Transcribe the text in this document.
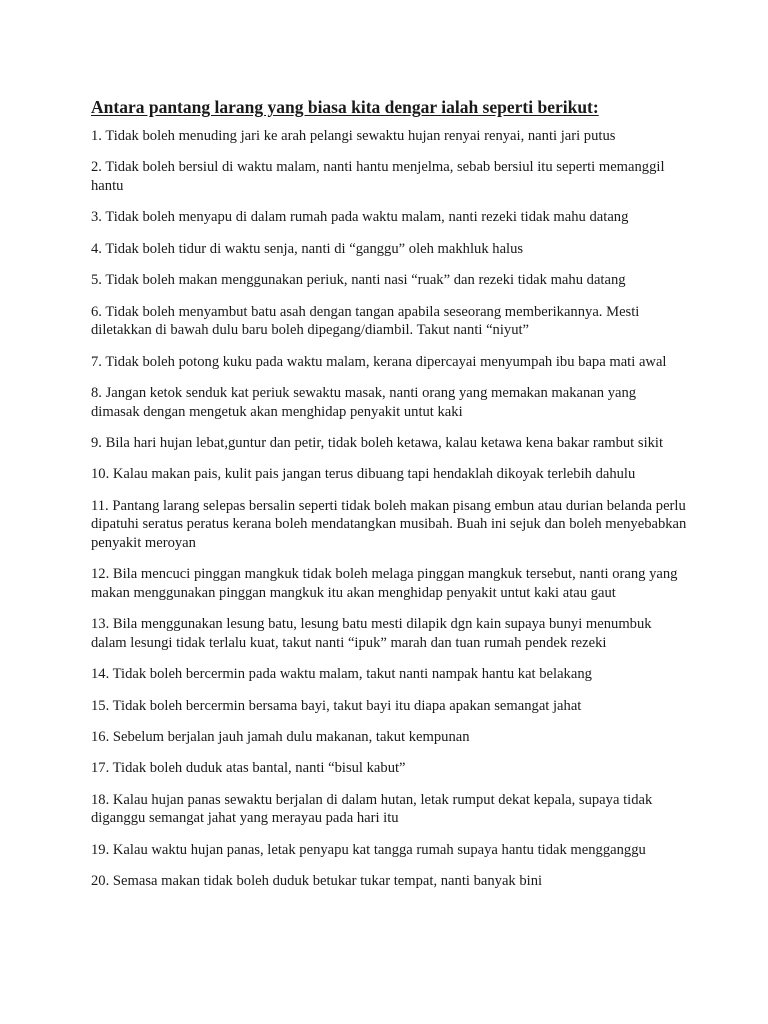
Antara pantang larang yang biasa kita dengar ialah seperti berikut:
1. Tidak boleh menuding jari ke arah pelangi sewaktu hujan renyai renyai, nanti jari putus
2. Tidak boleh bersiul di waktu malam, nanti hantu menjelma, sebab bersiul itu seperti memanggil hantu
3. Tidak boleh menyapu di dalam rumah pada waktu malam, nanti rezeki tidak mahu datang
4. Tidak boleh tidur di waktu senja, nanti di “ganggu” oleh makhluk halus
5. Tidak boleh makan menggunakan periuk, nanti nasi “ruak” dan rezeki tidak mahu datang
6. Tidak boleh menyambut batu asah dengan tangan apabila seseorang memberikannya. Mesti diletakkan di bawah dulu baru boleh dipegang/diambil. Takut nanti “niyut”
7. Tidak boleh potong kuku pada waktu malam, kerana dipercayai menyumpah ibu bapa mati awal
8. Jangan ketok senduk kat periuk sewaktu masak, nanti orang yang memakan makanan yang dimasak dengan mengetuk akan menghidap penyakit untut kaki
9. Bila hari hujan lebat,guntur dan petir, tidak boleh ketawa, kalau ketawa kena bakar rambut sikit
10. Kalau makan pais, kulit pais jangan terus dibuang tapi hendaklah dikoyak terlebih dahulu
11. Pantang larang selepas bersalin seperti tidak boleh makan pisang embun atau durian belanda perlu dipatuhi seratus peratus kerana boleh mendatangkan musibah. Buah ini sejuk dan boleh menyebabkan penyakit meroyan
12. Bila mencuci pinggan mangkuk tidak boleh melaga pinggan mangkuk tersebut, nanti orang yang makan menggunakan pinggan mangkuk itu akan menghidap penyakit untut kaki atau gaut
13. Bila menggunakan lesung batu, lesung batu mesti dilapik dgn kain supaya bunyi menumbuk dalam lesungi tidak terlalu kuat, takut nanti “ipuk” marah dan tuan rumah pendek rezeki
14. Tidak boleh bercermin pada waktu malam, takut nanti nampak hantu kat belakang
15. Tidak boleh bercermin bersama bayi, takut bayi itu diapa apakan semangat jahat
16. Sebelum berjalan jauh jamah dulu makanan, takut kempunan
17. Tidak boleh duduk atas bantal, nanti “bisul kabut”
18. Kalau hujan panas sewaktu berjalan di dalam hutan, letak rumput dekat kepala, supaya tidak diganggu semangat jahat yang merayau pada hari itu
19. Kalau waktu hujan panas, letak penyapu kat tangga rumah supaya hantu tidak mengganggu
20. Semasa makan tidak boleh duduk betukar tukar tempat, nanti banyak bini
